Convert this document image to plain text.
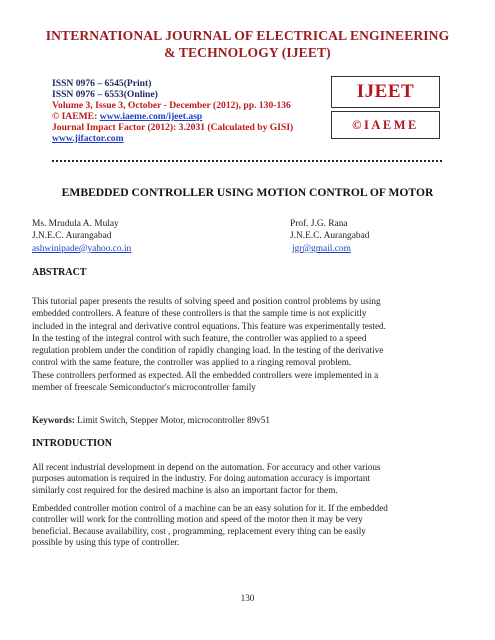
INTERNATIONAL JOURNAL OF ELECTRICAL ENGINEERING
& TECHNOLOGY (IJEET)
ISSN 0976 – 6545(Print)
ISSN 0976 – 6553(Online)
Volume 3, Issue 3, October - December (2012), pp. 130-136
© IAEME: www.iaeme.com/ijeet.asp
Journal Impact Factor (2012): 3.2031 (Calculated by GISI)
www.jifactor.com
IJEET
©IAEME
EMBEDDED CONTROLLER USING MOTION CONTROL OF MOTOR
Ms. Mrudula A. Mulay
J.N.E.C. Aurangabad
ashwinipade@yahoo.co.in
Prof. J.G. Rana
J.N.E.C. Aurangabad
jgr@gmail.com
ABSTRACT
This tutorial paper presents the results of solving speed and position control problems by using
embedded controllers. A feature of these controllers is that the sample time is not explicitly
included in the integral and derivative control equations. This feature was experimentally tested.
In the testing of the integral control with such feature, the controller was applied to a speed
regulation problem under the condition of rapidly changing load. In the testing of the derivative
control with the same feature, the controller was applied to a ringing removal problem.
These controllers performed as expected. All the embedded controllers were implemented in a
member of freescale Semiconductor's microcontroller family
Keywords: Limit Switch, Stepper Motor, microcontroller 89v51
INTRODUCTION
All recent industrial development in depend on the automation. For accuracy and other various
purposes automation is required in the industry. For doing automation accuracy is important
similarly cost required for the desired machine is also an important factor for them.
Embedded controller motion control of a machine can be an easy solution for it. If the embedded
controller will work for the controlling motion and speed of the motor then it may be very
beneficial. Because availability, cost , programming, replacement every thing can be easily
possible by using this type of controller.
130
